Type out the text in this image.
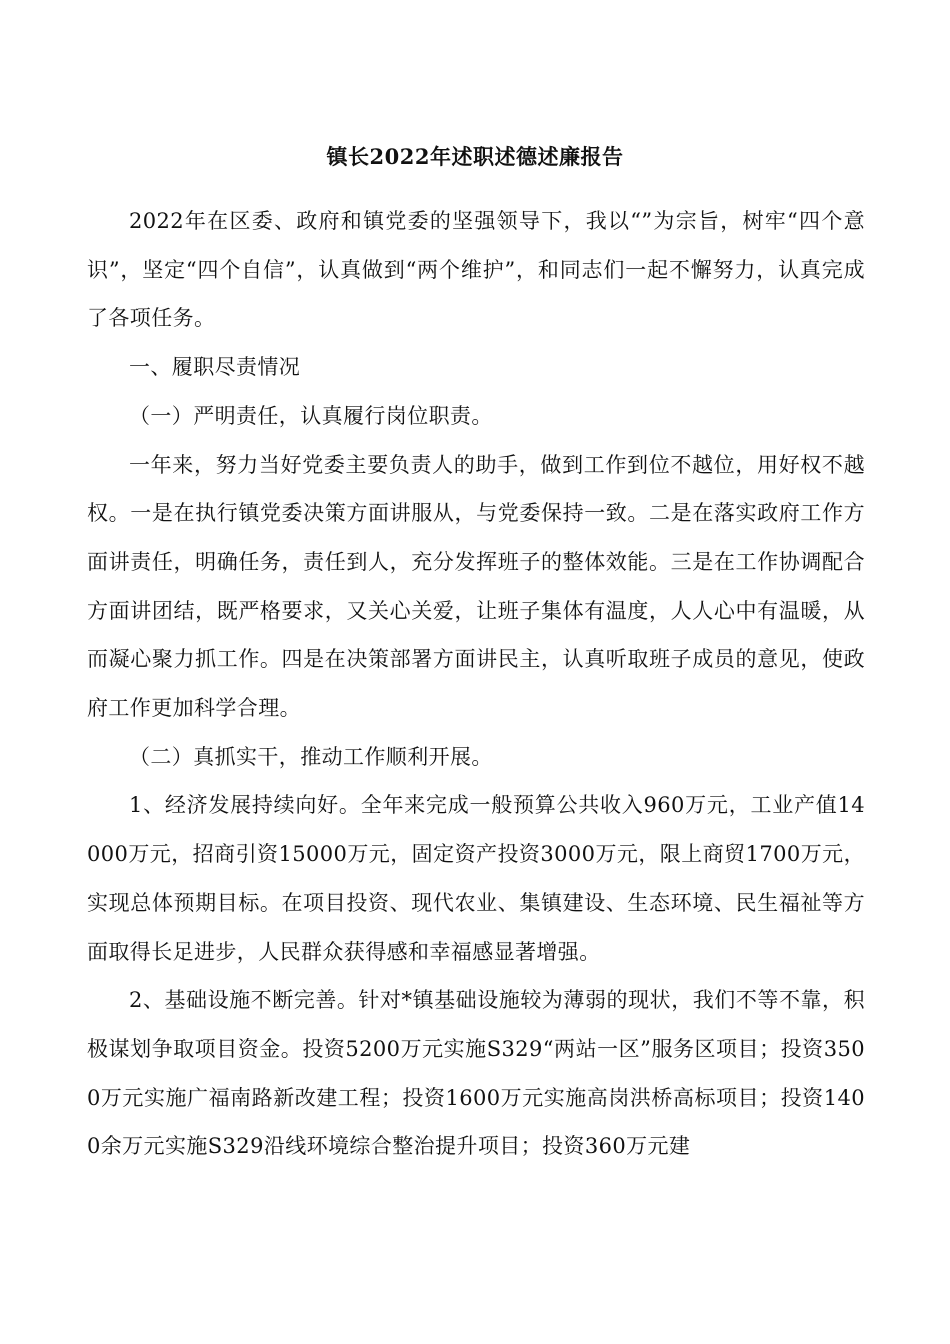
镇长2022年述职述德述廉报告

2022年在区委、政府和镇党委的坚强领导下，我以“”为宗旨，树牢“四个意识”，坚定“四个自信”，认真做到“两个维护”，和同志们一起不懈努力，认真完成了各项任务。

一、履职尽责情况

（一）严明责任，认真履行岗位职责。

一年来，努力当好党委主要负责人的助手，做到工作到位不越位，用好权不越权。一是在执行镇党委决策方面讲服从，与党委保持一致。二是在落实政府工作方面讲责任，明确任务，责任到人，充分发挥班子的整体效能。三是在工作协调配合方面讲团结，既严格要求，又关心关爱，让班子集体有温度，人人心中有温暖，从而凝心聚力抓工作。四是在决策部署方面讲民主，认真听取班子成员的意见，使政府工作更加科学合理。

（二）真抓实干，推动工作顺利开展。

1、经济发展持续向好。全年来完成一般预算公共收入960万元，工业产值14000万元，招商引资15000万元，固定资产投资3000万元，限上商贸1700万元，实现总体预期目标。在项目投资、现代农业、集镇建设、生态环境、民生福祉等方面取得长足进步，人民群众获得感和幸福感显著增强。

2、基础设施不断完善。针对*镇基础设施较为薄弱的现状，我们不等不靠，积极谋划争取项目资金。投资5200万元实施S329“两站一区”服务区项目；投资3500万元实施广福南路新改建工程；投资1600万元实施高岗洪桥高标项目；投资1400余万元实施S329沿线环境综合整治提升项目；投资360万元建
